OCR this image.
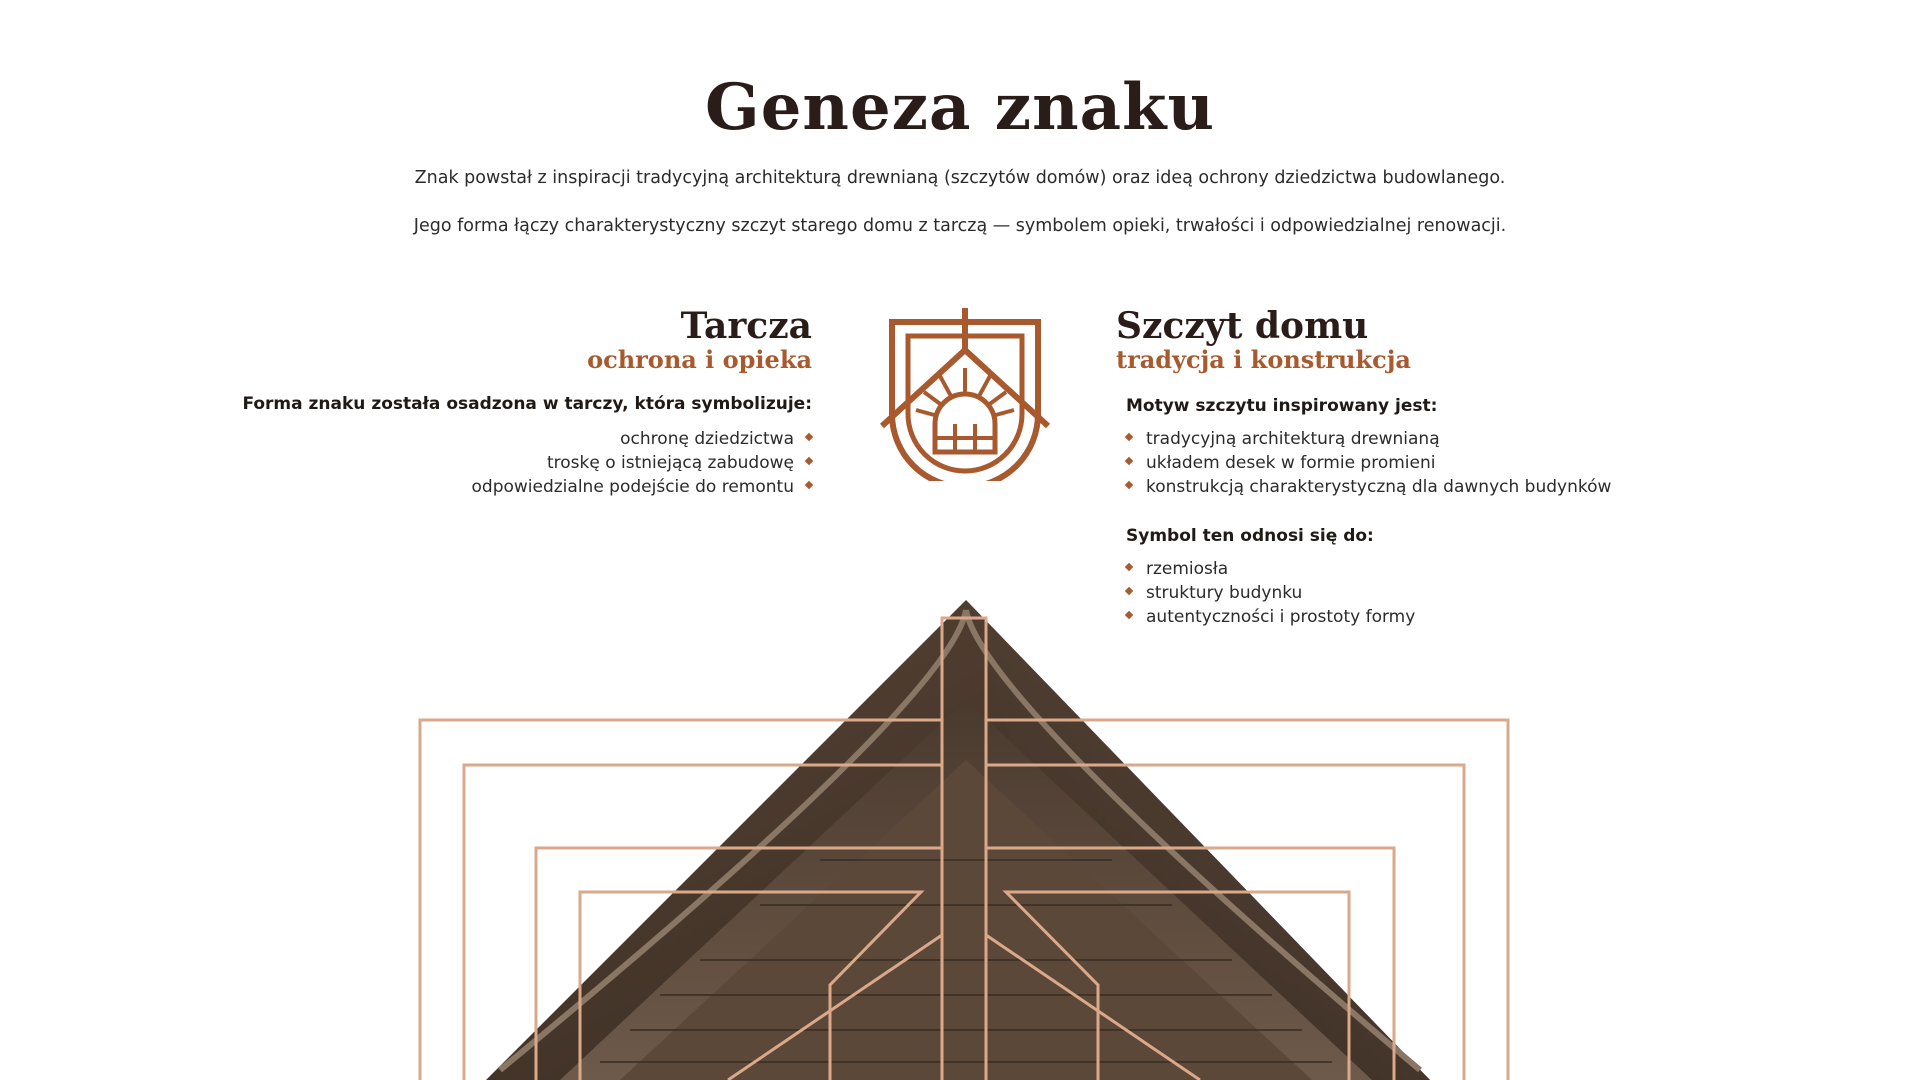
Geneza znaku

Znak powstał z inspiracji tradycyjną architekturą drewnianą (szczytów domów) oraz ideą ochrony dziedzictwa budowlanego.

Jego forma łączy charakterystyczny szczyt starego domu z tarczą — symbolem opieki, trwałości i odpowiedzialnej renowacji.

Tarcza
ochrona i opieka

Forma znaku została osadzona w tarczy, która symbolizuje:

ochronę dziedzictwa
troskę o istniejącą zabudowę
odpowiedzialne podejście do remontu
Szczyt domu
tradycja i konstrukcja

Motyw szczytu inspirowany jest:

tradycyjną architekturą drewnianą
układem desek w formie promieni
konstrukcją charakterystyczną dla dawnych budynków

Symbol ten odnosi się do:

rzemiosła
struktury budynku
autentyczności i prostoty formy
